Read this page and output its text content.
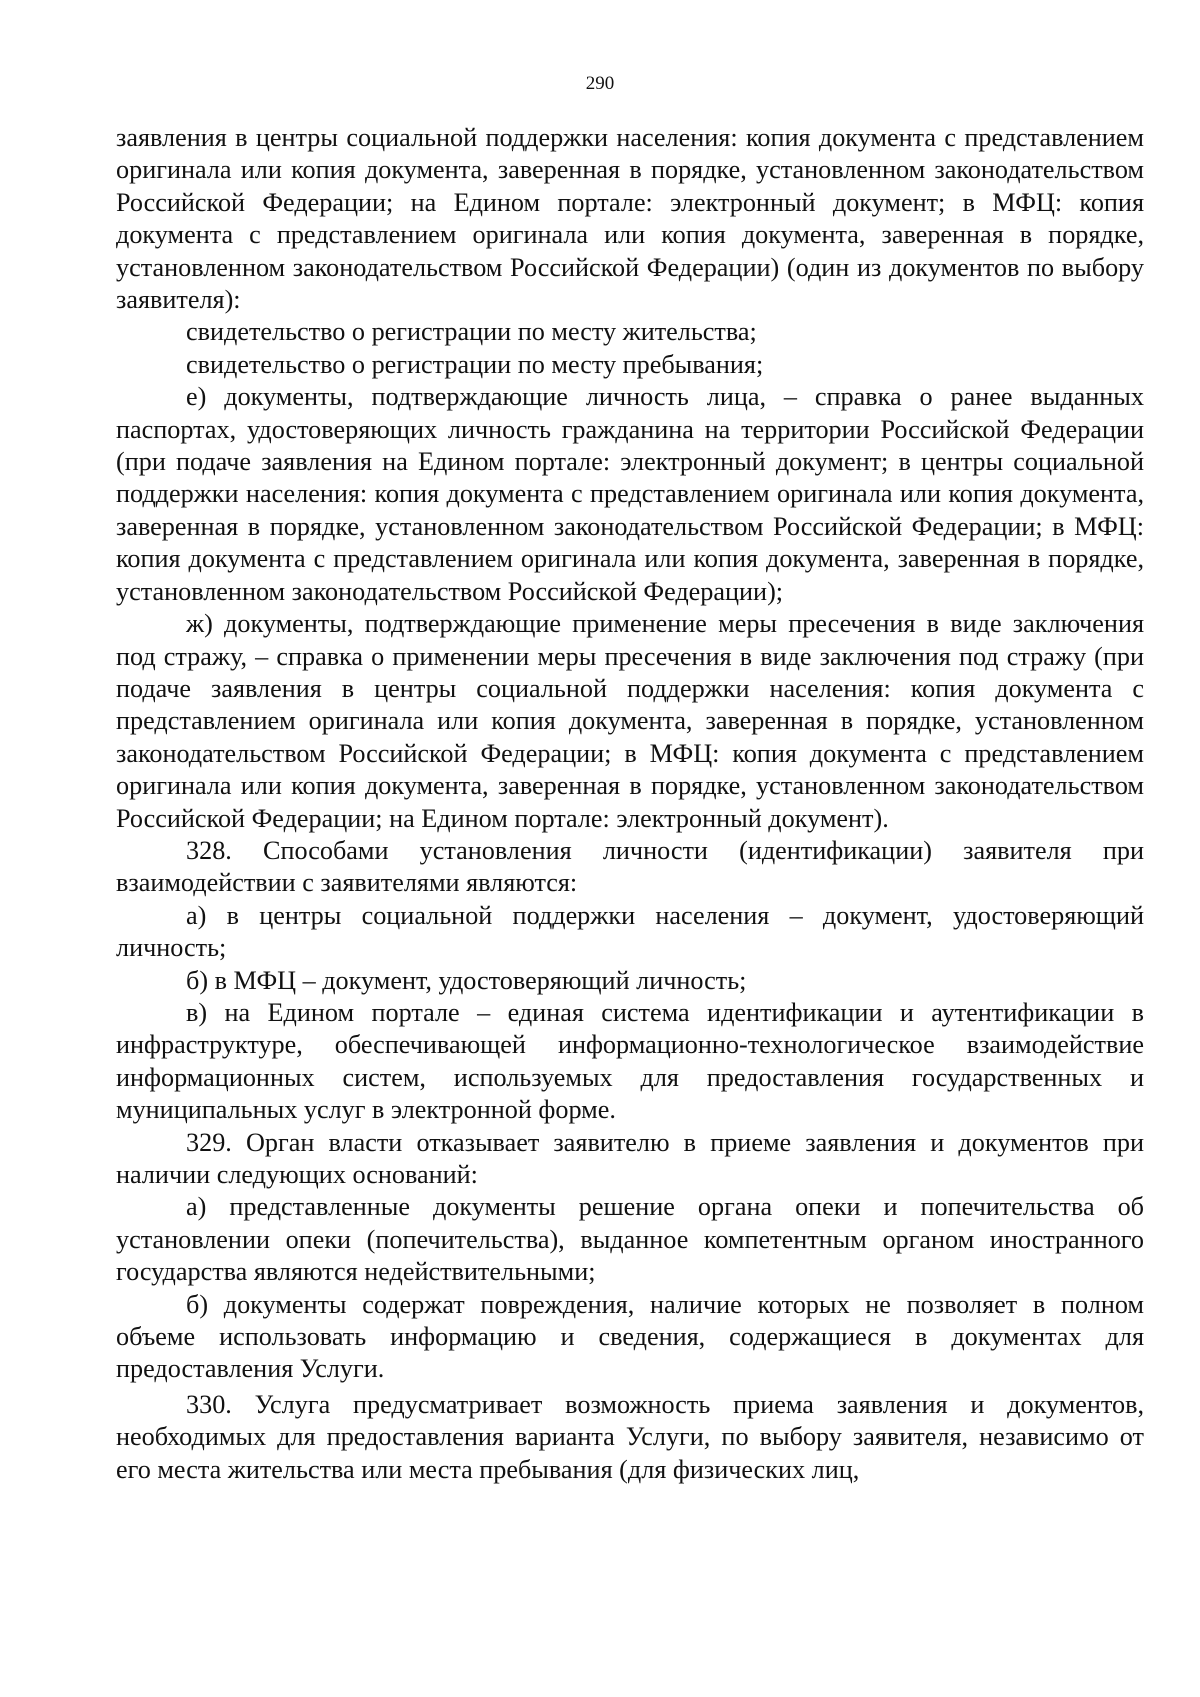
290

заявления в центры социальной поддержки населения: копия документа с представлением оригинала или копия документа, заверенная в порядке, установленном законодательством Российской Федерации; на Едином портале: электронный документ; в МФЦ: копия документа с представлением оригинала или копия документа, заверенная в порядке, установленном законодательством Российской Федерации) (один из документов по выбору заявителя):

свидетельство о регистрации по месту жительства;

свидетельство о регистрации по месту пребывания;

е) документы, подтверждающие личность лица, – справка о ранее выданных паспортах, удостоверяющих личность гражданина на территории Российской Федерации (при подаче заявления на Едином портале: электронный документ; в центры социальной поддержки населения: копия документа с представлением оригинала или копия документа, заверенная в порядке, установленном законодательством Российской Федерации; в МФЦ: копия документа с представлением оригинала или копия документа, заверенная в порядке, установленном законодательством Российской Федерации);

ж) документы, подтверждающие применение меры пресечения в виде заключения под стражу, – справка о применении меры пресечения в виде заключения под стражу (при подаче заявления в центры социальной поддержки населения: копия документа с представлением оригинала или копия документа, заверенная в порядке, установленном законодательством Российской Федерации; в МФЦ: копия документа с представлением оригинала или копия документа, заверенная в порядке, установленном законодательством Российской Федерации; на Едином портале: электронный документ).

328. Способами установления личности (идентификации) заявителя при взаимодействии с заявителями являются:

а) в центры социальной поддержки населения – документ, удостоверяющий личность;

б) в МФЦ – документ, удостоверяющий личность;

в) на Едином портале – единая система идентификации и аутентификации в инфраструктуре, обеспечивающей информационно-технологическое взаимодействие информационных систем, используемых для предоставления государственных и муниципальных услуг в электронной форме.

329. Орган власти отказывает заявителю в приеме заявления и документов при наличии следующих оснований:

а) представленные документы решение органа опеки и попечительства об установлении опеки (попечительства), выданное компетентным органом иностранного государства являются недействительными;

б) документы содержат повреждения, наличие которых не позволяет в полном объеме использовать информацию и сведения, содержащиеся в документах для предоставления Услуги.

330. Услуга предусматривает возможность приема заявления и документов, необходимых для предоставления варианта Услуги, по выбору заявителя, независимо от его места жительства или места пребывания (для физических лиц,
